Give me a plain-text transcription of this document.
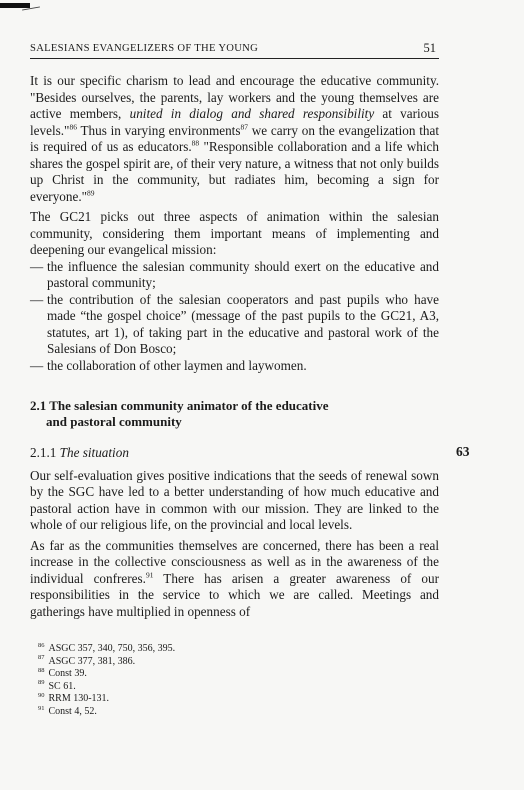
SALESIANS EVANGELIZERS OF THE YOUNG	51

It is our specific charism to lead and encourage the educative community. "Besides ourselves, the parents, lay workers and the young themselves are active members, united in dialog and shared responsibility at various levels."$^{86}$ Thus in varying environments$^{87}$ we carry on the evangelization that is required of us as educators.$^{88}$ "Responsible collaboration and a life which shares the gospel spirit are, of their very nature, a witness that not only builds up Christ in the community, but radiates him, becoming a sign for everyone."$^{89}$

The GC21 picks out three aspects of animation within the salesian community, considering them important means of implementing and deepening our evangelical mission:

— the influence the salesian community should exert on the educative and pastoral community;
— the contribution of the salesian cooperators and past pupils who have made “the gospel choice” (message of the past pupils to the GC21, A3, statutes, art 1), of taking part in the educative and pastoral work of the Salesians of Don Bosco;
— the collaboration of other laymen and laywomen.
2.1 The salesian community animator of the educative
and pastoral community
2.1.1 The situation

Our self-evaluation gives positive indications that the seeds of renewal sown by the SGC have led to a better understanding of how much educative and pastoral action have in common with our mission. They are linked to the whole of our religious life, on the provincial and local levels.

As far as the communities themselves are concerned, there has been a real increase in the collective consciousness as well as in the awareness of the individual confreres.$^{91}$ There has arisen a greater awareness of our responsibilities in the service to which we are called. Meetings and gatherings have multiplied in openness of

63
$^{86}$ ASGC 357, 340, 750, 356, 395.
$^{87}$ ASGC 377, 381, 386.
$^{88}$ Const 39.
$^{89}$ SC 61.
$^{90}$ RRM 130-131.
$^{91}$ Const 4, 52.
